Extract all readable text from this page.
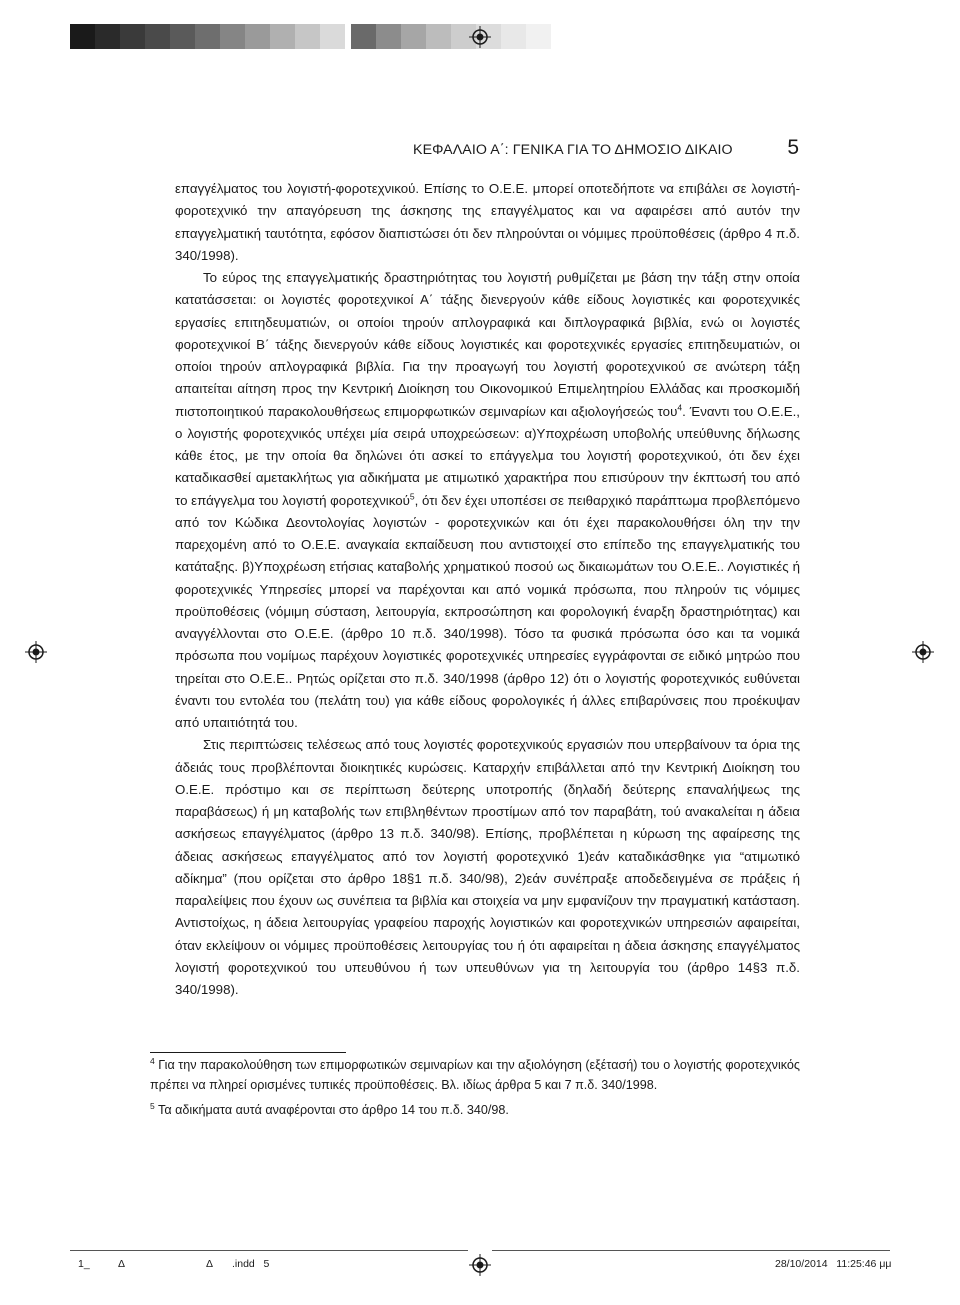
ΚΕΦΑΛΑΙΟ Α΄: ΓΕΝΙΚΑ ΓΙΑ ΤΟ ΔΗΜΟΣΙΟ ΔΙΚΑΙΟ	5

επαγγέλματος του λογιστή-φοροτεχνικού. Επίσης το Ο.Ε.Ε. μπορεί οποτεδήποτε να επιβάλει σε λογιστή-φοροτεχνικό την απαγόρευση της άσκησης της επαγγέλματος και να αφαιρέσει από αυτόν την επαγγελματική ταυτότητα, εφόσον διαπιστώσει ότι δεν πληρούνται οι νόμιμες προϋποθέσεις (άρθρο 4 π.δ. 340/1998).

Το εύρος της επαγγελματικής δραστηριότητας του λογιστή ρυθμίζεται με βάση την τάξη στην οποία κατατάσσεται: οι λογιστές φοροτεχνικοί Α΄ τάξης διενεργούν κάθε είδους λογιστικές και φοροτεχνικές εργασίες επιτηδευματιών, οι οποίοι τηρούν απλογραφικά και διπλογραφικά βιβλία, ενώ οι λογιστές φοροτεχνικοί Β΄ τάξης διενεργούν κάθε είδους λογιστικές και φοροτεχνικές εργασίες επιτηδευματιών, οι οποίοι τηρούν απλογραφικά βιβλία. Για την προαγωγή του λογιστή φοροτεχνικού σε ανώτερη τάξη απαιτείται αίτηση προς την Κεντρική Διοίκηση του Οικονομικού Επιμελητηρίου Ελλάδας και προσκομιδή πιστοποιητικού παρακολουθήσεως επιμορφωτικών σεμιναρίων και αξιολογήσεώς του$^4$. Έναντι του Ο.Ε.Ε., ο λογιστής φοροτεχνικός υπέχει μία σειρά υποχρεώσεων: α)Υποχρέωση υποβολής υπεύθυνης δήλωσης κάθε έτος, με την οποία θα δηλώνει ότι ασκεί το επάγγελμα του λογιστή φοροτεχνικού, ότι δεν έχει καταδικασθεί αμετακλήτως για αδικήματα με ατιμωτικό χαρακτήρα που επισύρουν την έκπτωσή του από το επάγγελμα του λογιστή φοροτεχνικού$^5$, ότι δεν έχει υποπέσει σε πειθαρχικό παράπτωμα προβλεπόμενο από τον Κώδικα Δεοντολογίας λογιστών - φοροτεχνικών και ότι έχει παρακολουθήσει όλη την την παρεχομένη από το Ο.Ε.Ε. αναγκαία εκπαίδευση που αντιστοιχεί στο επίπεδο της επαγγελματικής του κατάταξης. β)Υποχρέωση ετήσιας καταβολής χρηματικού ποσού ως δικαιωμάτων του Ο.Ε.Ε.. Λογιστικές ή φοροτεχνικές Υπηρεσίες μπορεί να παρέχονται και από νομικά πρόσωπα, που πληρούν τις νόμιμες προϋποθέσεις (νόμιμη σύσταση, λειτουργία, εκπροσώπηση και φορολογική έναρξη δραστηριότητας) και αναγγέλλονται στο Ο.Ε.Ε. (άρθρο 10 π.δ. 340/1998). Τόσο τα φυσικά πρόσωπα όσο και τα νομικά πρόσωπα που νομίμως παρέχουν λογιστικές φοροτεχνικές υπηρεσίες εγγράφονται σε ειδικό μητρώο που τηρείται στο Ο.Ε.Ε.. Ρητώς ορίζεται στο π.δ. 340/1998 (άρθρο 12) ότι ο λογιστής φοροτεχνικός ευθύνεται έναντι του εντολέα του (πελάτη του) για κάθε είδους φορολογικές ή άλλες επιβαρύνσεις που προέκυψαν από υπαιτιότητά του.

Στις περιπτώσεις τελέσεως από τους λογιστές φοροτεχνικούς εργασιών που υπερβαίνουν τα όρια της άδειάς τους προβλέπονται διοικητικές κυρώσεις. Καταρχήν επιβάλλεται από την Κεντρική Διοίκηση του Ο.Ε.Ε. πρόστιμο και σε περίπτωση δεύτερης υποτροπής (δηλαδή δεύτερης επαναλήψεως της παραβάσεως) ή μη καταβολής των επιβληθέντων προστίμων από τον παραβάτη, τού ανακαλείται η άδεια ασκήσεως επαγγέλματος (άρθρο 13 π.δ. 340/98). Επίσης, προβλέπεται η κύρωση της αφαίρεσης της άδειας ασκήσεως επαγγέλματος από τον λογιστή φοροτεχνικό 1)εάν καταδικάσθηκε για “ατιμωτικό αδίκημα” (που ορίζεται στο άρθρο 18§1 π.δ. 340/98), 2)εάν συνέπραξε αποδεδειγμένα σε πράξεις ή παραλείψεις που έχουν ως συνέπεια τα βιβλία και στοιχεία να μην εμφανίζουν την πραγματική κατάσταση. Αντιστοίχως, η άδεια λειτουργίας γραφείου παροχής λογιστικών και φοροτεχνικών υπηρεσιών αφαιρείται, όταν εκλείψουν οι νόμιμες προϋποθέσεις λειτουργίας του ή ότι αφαιρείται η άδεια άσκησης επαγγέλματος λογιστή φοροτεχνικού του υπευθύνου ή των υπευθύνων για τη λειτουργία του (άρθρο 14§3 π.δ. 340/1998).

$^4$ Για την παρακολούθηση των επιμορφωτικών σεμιναρίων και την αξιολόγηση (εξέτασή) του ο λογιστής φοροτεχνικός πρέπει να πληρεί ορισμένες τυπικές προϋποθέσεις. Βλ. ιδίως άρθρα 5 και 7 π.δ. 340/1998.

$^5$ Τα αδικήματα αυτά αναφέρονται στο άρθρο 14 του π.δ. 340/98.

1_	Δ	Δ .indd   5	28/10/2014   11:25:46 μμ
